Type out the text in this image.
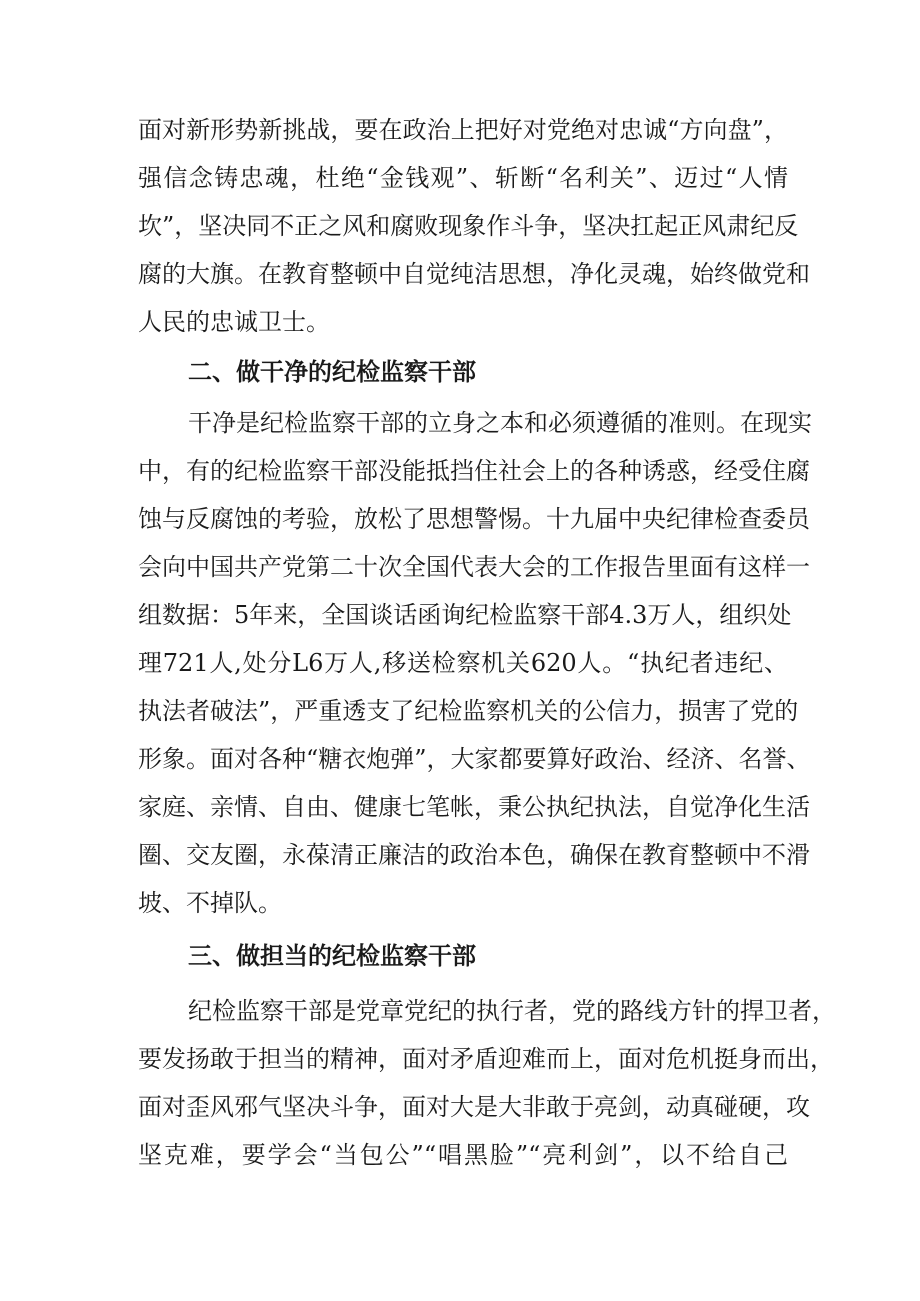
面对新形势新挑战，要在政治上把好对党绝对忠诚“方向盘”，
强信念铸忠魂，杜绝“金钱观”、斩断“名利关”、迈过“人情
坎”，坚决同不正之风和腐败现象作斗争，坚决扛起正风肃纪反
腐的大旗。在教育整顿中自觉纯洁思想，净化灵魂，始终做党和
人民的忠诚卫士。
二、做干净的纪检监察干部
干净是纪检监察干部的立身之本和必须遵循的准则。在现实
中，有的纪检监察干部没能抵挡住社会上的各种诱惑，经受住腐
蚀与反腐蚀的考验，放松了思想警惕。十九届中央纪律检查委员
会向中国共产党第二十次全国代表大会的工作报告里面有这样一
组数据：5年来，全国谈话函询纪检监察干部4.3万人，组织处
理721人,处分L6万人,移送检察机关620人。“执纪者违纪、
执法者破法”，严重透支了纪检监察机关的公信力，损害了党的
形象。面对各种“糖衣炮弹”，大家都要算好政治、经济、名誉、
家庭、亲情、自由、健康七笔帐，秉公执纪执法，自觉净化生活
圈、交友圈，永葆清正廉洁的政治本色，确保在教育整顿中不滑
坡、不掉队。
三、做担当的纪检监察干部
纪检监察干部是党章党纪的执行者，党的路线方针的捍卫者，
要发扬敢于担当的精神，面对矛盾迎难而上，面对危机挺身而出，
面对歪风邪气坚决斗争，面对大是大非敢于亮剑，动真碰硬，攻
坚克难，要学会“当包公”“唱黑脸”“亮利剑”，以不给自己
